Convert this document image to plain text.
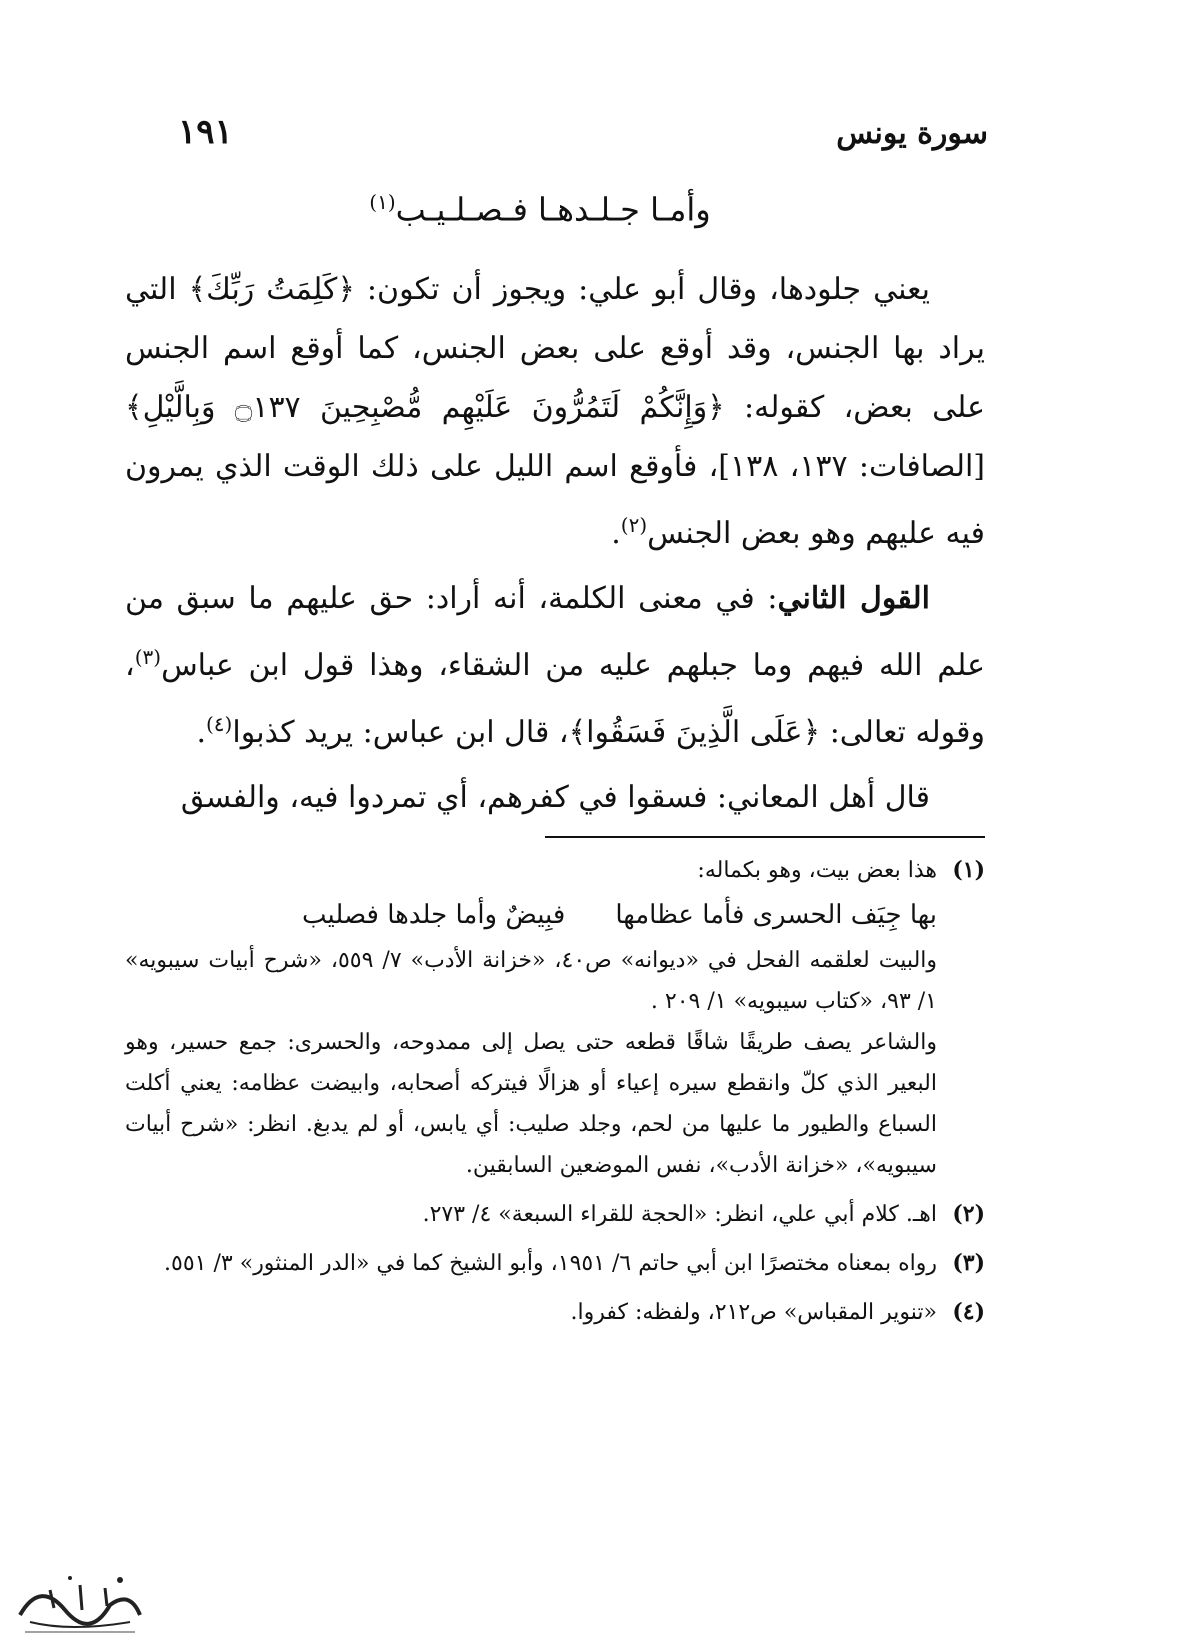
١٩١	سورة يونس
وأمـا جـلـدهـا فـصـلـيـب$^{(١)}$

يعني جلودها، وقال أبو علي: ويجوز أن تكون: ﴿كَلِمَتُ رَبِّكَ﴾ التي يراد بها الجنس، وقد أوقع على بعض الجنس، كما أوقع اسم الجنس على بعض، كقوله: ﴿وَإِنَّكُمْ لَتَمُرُّونَ عَلَيْهِم مُّصْبِحِينَ ۝١٣٧ وَبِالَّيْلِ﴾ [الصافات: ١٣٧، ١٣٨]، فأوقع اسم الليل على ذلك الوقت الذي يمرون فيه عليهم وهو بعض الجنس$^{(٢)}$.

القول الثاني: في معنى الكلمة، أنه أراد: حق عليهم ما سبق من علم الله فيهم وما جبلهم عليه من الشقاء، وهذا قول ابن عباس$^{(٣)}$، وقوله تعالى: ﴿عَلَى الَّذِينَ فَسَقُوا﴾، قال ابن عباس: يريد كذبوا$^{(٤)}$.

قال أهل المعاني: فسقوا في كفرهم، أي تمردوا فيه، والفسق

(١)
هذا بعض بيت، وهو بكماله:
بها جِيَف الحسرى فأما عظامهافبِيضٌ وأما جلدها فصليب
والبيت لعلقمه الفحل في «ديوانه» ص٤٠، «خزانة الأدب» ٧/ ٥٥٩، «شرح أبيات سيبويه» ١/ ٩٣، «كتاب سيبويه» ١/ ٢٠٩ .
والشاعر يصف طريقًا شاقًا قطعه حتى يصل إلى ممدوحه، والحسرى: جمع حسير، وهو البعير الذي كلّ وانقطع سيره إعياء أو هزالًا فيتركه أصحابه، وابيضت عظامه: يعني أكلت السباع والطيور ما عليها من لحم، وجلد صليب: أي يابس، أو لم يدبغ. انظر: «شرح أبيات سيبويه»، «خزانة الأدب»، نفس الموضعين السابقين.
(٢)
اهـ. كلام أبي علي، انظر: «الحجة للقراء السبعة» ٤/ ٢٧٣.
(٣)
رواه بمعناه مختصرًا ابن أبي حاتم ٦/ ١٩٥١، وأبو الشيخ كما في «الدر المنثور» ٣/ ٥٥١.
(٤)
«تنوير المقباس» ص٢١٢، ولفظه: كفروا.
